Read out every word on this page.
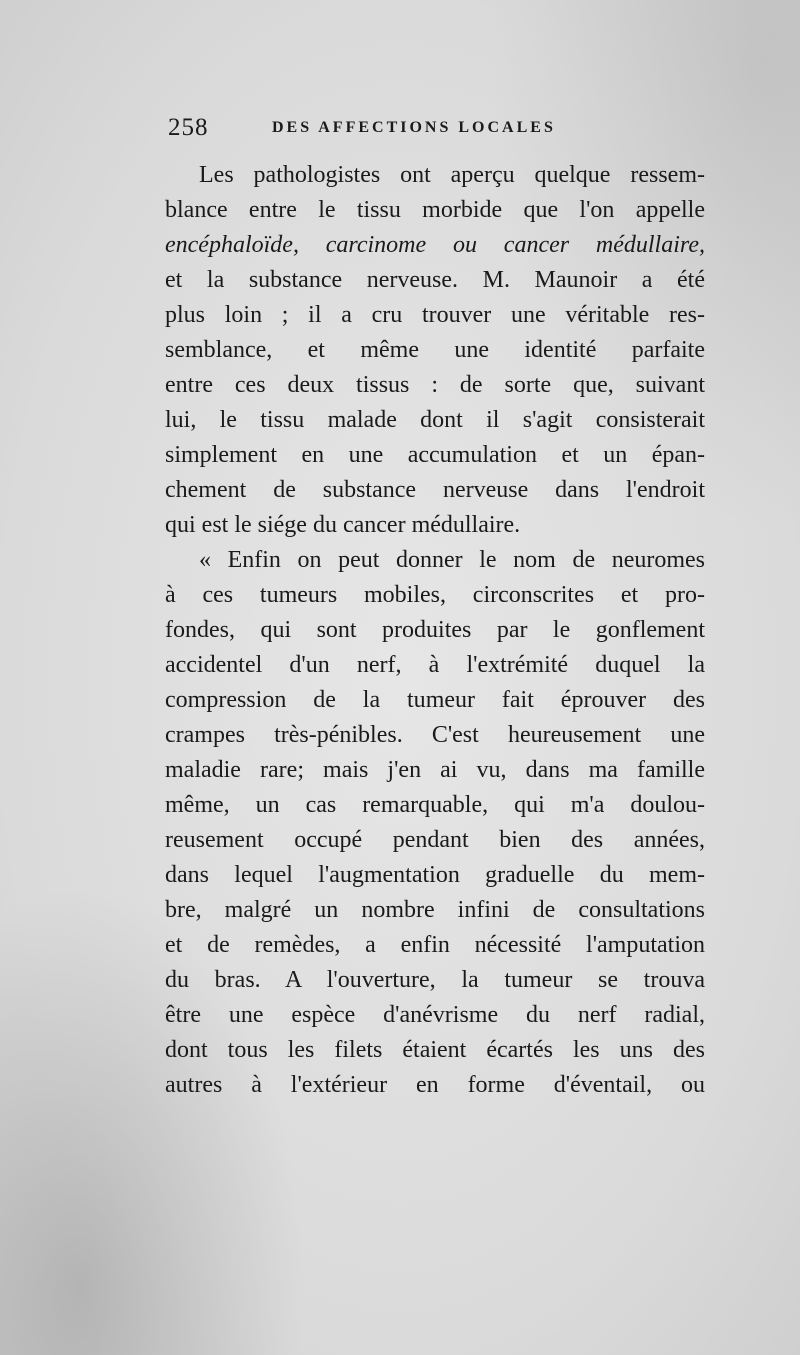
258	DES AFFECTIONS LOCALES
Les pathologistes ont aperçu quelque ressem-
blance entre le tissu morbide que l'on appelle
encéphaloïde, carcinome ou cancer médullaire,
et la substance nerveuse. M. Maunoir a été
plus loin ; il a cru trouver une véritable res-
semblance, et même une identité parfaite
entre ces deux tissus : de sorte que, suivant
lui, le tissu malade dont il s'agit consisterait
simplement en une accumulation et un épan-
chement de substance nerveuse dans l'endroit
qui est le siége du cancer médullaire.
« Enfin on peut donner le nom de neuromes
à ces tumeurs mobiles, circonscrites et pro-
fondes, qui sont produites par le gonflement
accidentel d'un nerf, à l'extrémité duquel la
compression de la tumeur fait éprouver des
crampes très-pénibles. C'est heureusement une
maladie rare; mais j'en ai vu, dans ma famille
même, un cas remarquable, qui m'a doulou-
reusement occupé pendant bien des années,
dans lequel l'augmentation graduelle du mem-
bre, malgré un nombre infini de consultations
et de remèdes, a enfin nécessité l'amputation
du bras. A l'ouverture, la tumeur se trouva
être une espèce d'anévrisme du nerf radial,
dont tous les filets étaient écartés les uns des
autres à l'extérieur en forme d'éventail, ou
